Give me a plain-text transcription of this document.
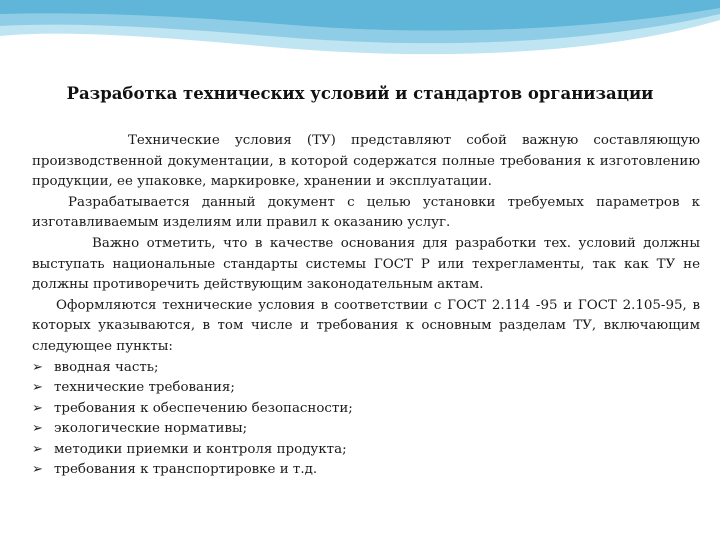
Разработка технических условий и стандартов организации

Технические условия (ТУ) представляют собой важную составляющую производственной документации, в которой содержатся полные требования к изготовлению продукции, ее упаковке, маркировке, хранении и эксплуатации.

Разрабатывается данный документ с целью установки требуемых параметров к изготавливаемым изделиям или правил к оказанию услуг.

Важно отметить, что в качестве основания для разработки тех. условий должны выступать национальные стандарты системы ГОСТ Р или техрегламенты, так как ТУ не должны противоречить действующим законодательным актам.

Оформляются технические условия в соответствии с ГОСТ 2.114 -95 и ГОСТ 2.105-95, в которых указываются, в том числе и требования к основным разделам ТУ, включающим следующее пункты:

➢ вводная часть;
➢ технические требования;
➢ требования к обеспечению безопасности;
➢ экологические нормативы;
➢ методики приемки и контроля продукта;
➢ требования к транспортировке и т.д.
